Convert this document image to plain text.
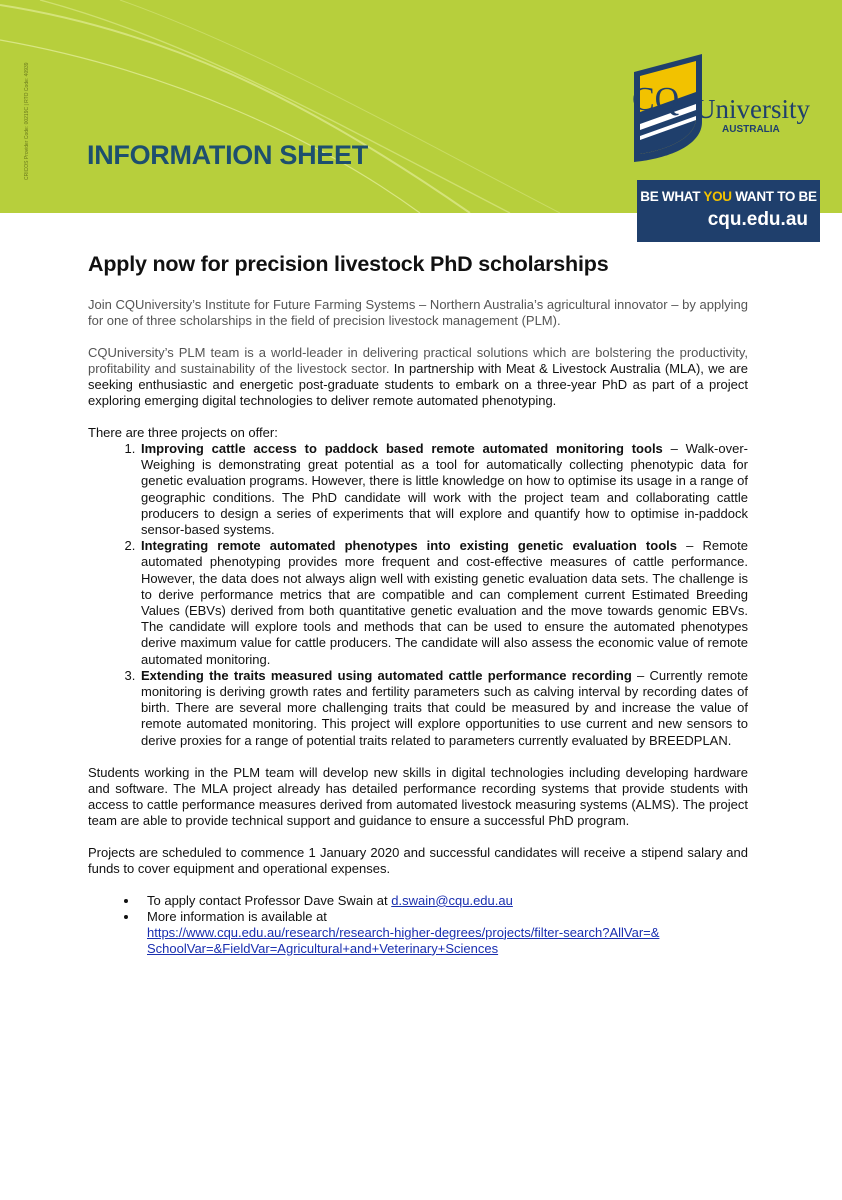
CRICOS Provider Code: 00219C | RTO Code: 40939 INFORMATION SHEET
CQ University
AUSTRALIA
BE WHAT YOU WANT TO BE
cqu.edu.au
Apply now for precision livestock PhD scholarships

Join CQUniversity’s Institute for Future Farming Systems – Northern Australia’s agricultural innovator – by applying for one of three scholarships in the field of precision livestock management (PLM).

CQUniversity’s PLM team is a world-leader in delivering practical solutions which are bolstering the productivity, profitability and sustainability of the livestock sector. In partnership with Meat & Livestock Australia (MLA), we are seeking enthusiastic and energetic post-graduate students to embark on a three-year PhD as part of a project exploring emerging digital technologies to deliver remote automated phenotyping.

There are three projects on offer:

1. Improving cattle access to paddock based remote automated monitoring tools – Walk-over-Weighing is demonstrating great potential as a tool for automatically collecting phenotypic data for genetic evaluation programs. However, there is little knowledge on how to optimise its usage in a range of geographic conditions. The PhD candidate will work with the project team and collaborating cattle producers to design a series of experiments that will explore and quantify how to optimise in-paddock sensor-based systems.
2. Integrating remote automated phenotypes into existing genetic evaluation tools – Remote automated phenotyping provides more frequent and cost-effective measures of cattle performance. However, the data does not always align well with existing genetic evaluation data sets. The challenge is to derive performance metrics that are compatible and can complement current Estimated Breeding Values (EBVs) derived from both quantitative genetic evaluation and the move towards genomic EBVs. The candidate will explore tools and methods that can be used to ensure the automated phenotypes derive maximum value for cattle producers. The candidate will also assess the economic value of remote automated monitoring.
3. Extending the traits measured using automated cattle performance recording – Currently remote monitoring is deriving growth rates and fertility parameters such as calving interval by recording dates of birth. There are several more challenging traits that could be measured by and increase the value of remote automated monitoring. This project will explore opportunities to use current and new sensors to derive proxies for a range of potential traits related to parameters currently evaluated by BREEDPLAN.

Students working in the PLM team will develop new skills in digital technologies including developing hardware and software. The MLA project already has detailed performance recording systems that provide students with access to cattle performance measures derived from automated livestock measuring systems (ALMS). The project team are able to provide technical support and guidance to ensure a successful PhD program.

Projects are scheduled to commence 1 January 2020 and successful candidates will receive a stipend salary and funds to cover equipment and operational expenses.

• To apply contact Professor Dave Swain at d.swain@cqu.edu.au
• More information is available at https://www.cqu.edu.au/research/research-higher-degrees/projects/filter-search?AllVar=&SchoolVar=&FieldVar=Agricultural+and+Veterinary+Sciences
